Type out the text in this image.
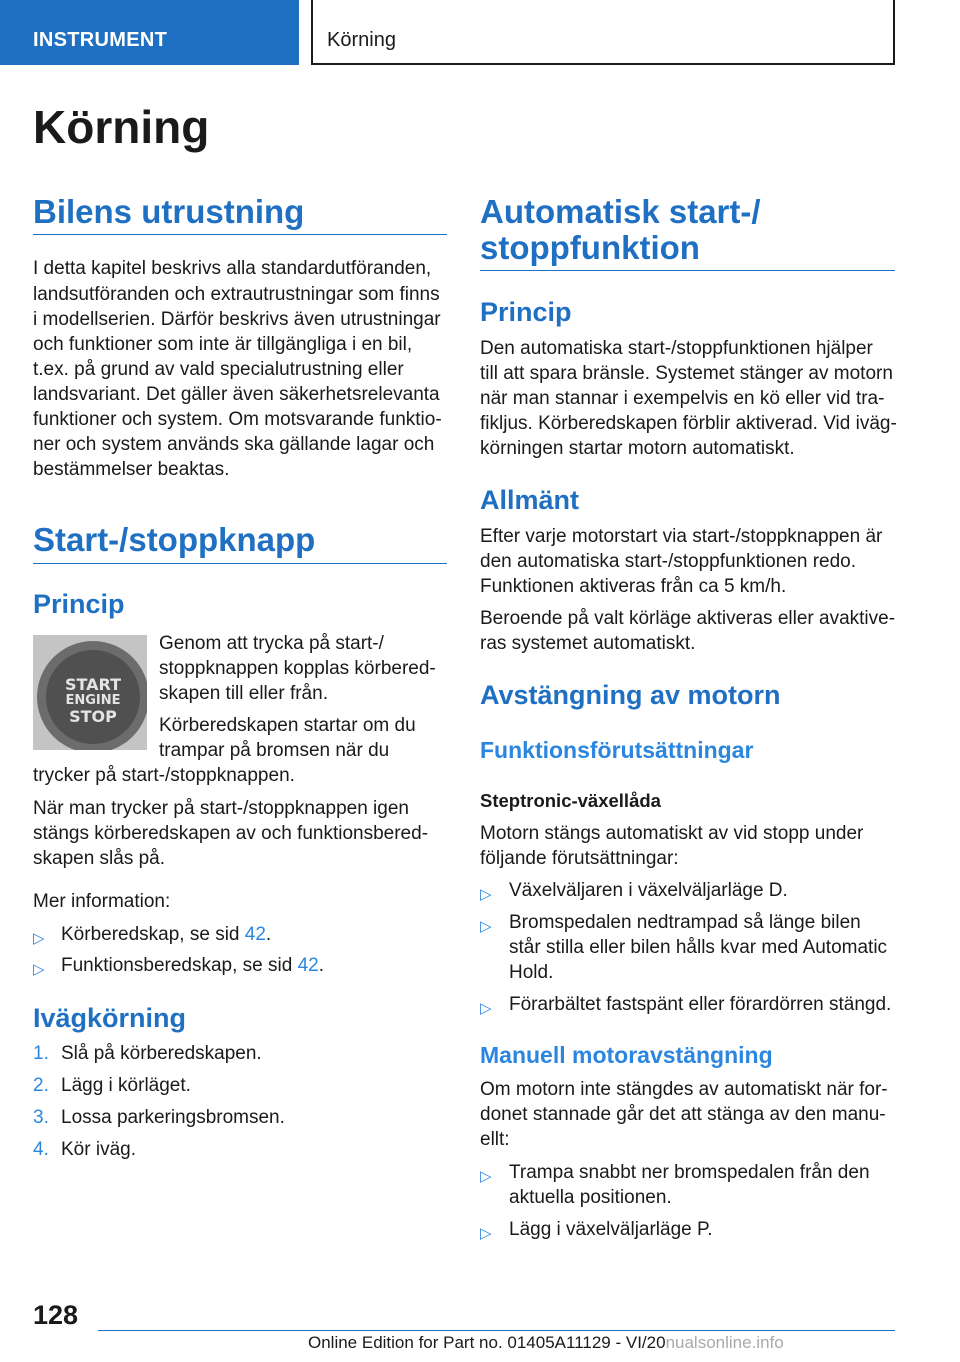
INSTRUMENT	Körning
Körning
Bilens utrustning
I detta kapitel beskrivs alla standardutföranden,
landsutföranden och extrautrustningar som finns
i modellserien. Därför beskrivs även utrustningar
och funktioner som inte är tillgängliga i en bil,
t.ex. på grund av vald specialutrustning eller
landsvariant. Det gäller även säkerhetsrelevanta
funktioner och system. Om motsvarande funktio-
ner och system används ska gällande lagar och
bestämmelser beaktas.
Start-/stoppknapp
Princip
START
ENGINE
STOP
Genom att trycka på start-/
stoppknappen kopplas körbered-
skapen till eller från.
Körberedskapen startar om du
trampar på bromsen när du
trycker på start-/stoppknappen.
När man trycker på start-/stoppknappen igen
stängs körberedskapen av och funktionsbered-
skapen slås på.
Mer information:
▷ Körberedskap, se sid 42.
▷ Funktionsberedskap, se sid 42.
Ivägkörning
1. Slå på körberedskapen.
2. Lägg i körläget.
3. Lossa parkeringsbromsen.
4. Kör iväg.
Automatisk start-/
stoppfunktion
Princip
Den automatiska start-/stoppfunktionen hjälper
till att spara bränsle. Systemet stänger av motorn
när man stannar i exempelvis en kö eller vid tra-
fikljus. Körberedskapen förblir aktiverad. Vid iväg-
körningen startar motorn automatiskt.
Allmänt
Efter varje motorstart via start-/stoppknappen är
den automatiska start-/stoppfunktionen redo.
Funktionen aktiveras från ca 5 km/h.
Beroende på valt körläge aktiveras eller avaktive-
ras systemet automatiskt.
Avstängning av motorn
Funktionsförutsättningar
Steptronic-växellåda
Motorn stängs automatiskt av vid stopp under
följande förutsättningar:
▷ Växelväljaren i växelväljarläge D.
▷ Bromspedalen nedtrampad så länge bilen
står stilla eller bilen hålls kvar med Automatic
Hold.
▷ Förarbältet fastspänt eller förardörren stängd.
Manuell motoravstängning
Om motorn inte stängdes av automatiskt när for-
donet stannade går det att stänga av den manu-
ellt:
▷ Trampa snabbt ner bromspedalen från den
aktuella positionen.
▷ Lägg i växelväljarläge P.
128
Online Edition for Part no. 01405A11129 - VI/20nualsonline.info
